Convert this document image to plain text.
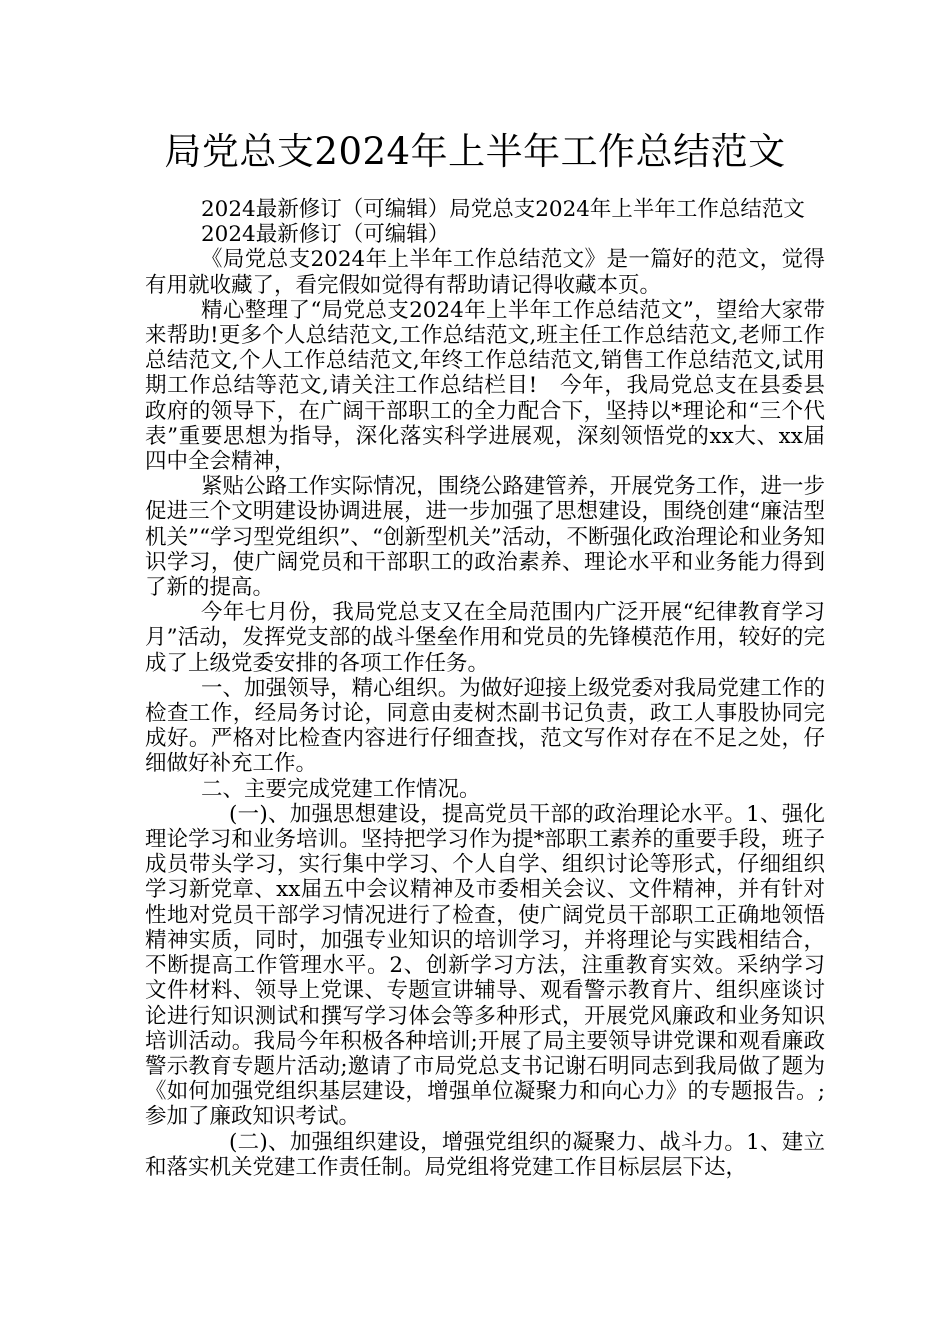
局党总支2024年上半年工作总结范文

2024最新修订（可编辑）局党总支2024年上半年工作总结范文

2024最新修订（可编辑）

《局党总支2024年上半年工作总结范文》是一篇好的范文，觉得有用就收藏了，看完假如觉得有帮助请记得收藏本页。

精心整理了“局党总支2024年上半年工作总结范文”，望给大家带来帮助!更多个人总结范文,工作总结范文,班主任工作总结范文,老师工作总结范文,个人工作总结范文,年终工作总结范文,销售工作总结范文,试用期工作总结等范文,请关注工作总结栏目!　今年，我局党总支在县委县政府的领导下，在广阔干部职工的全力配合下，坚持以*理论和“三个代表”重要思想为指导，深化落实科学进展观，深刻领悟党的xx大、xx届四中全会精神，

紧贴公路工作实际情况，围绕公路建管养，开展党务工作，进一步促进三个文明建设协调进展，进一步加强了思想建设，围绕创建“廉洁型机关”“学习型党组织”、“创新型机关”活动，不断强化政治理论和业务知识学习，使广阔党员和干部职工的政治素养、理论水平和业务能力得到了新的提高。

今年七月份，我局党总支又在全局范围内广泛开展“纪律教育学习月”活动，发挥党支部的战斗堡垒作用和党员的先锋模范作用，较好的完成了上级党委安排的各项工作任务。

一、加强领导，精心组织。为做好迎接上级党委对我局党建工作的检查工作，经局务讨论，同意由麦树杰副书记负责，政工人事股协同完成好。严格对比检查内容进行仔细查找，范文写作对存在不足之处，仔细做好补充工作。

二、主要完成党建工作情况。

(一)、加强思想建设，提高党员干部的政治理论水平。1、强化理论学习和业务培训。坚持把学习作为提*部职工素养的重要手段，班子成员带头学习，实行集中学习、个人自学、组织讨论等形式，仔细组织学习新党章、xx届五中会议精神及市委相关会议、文件精神，并有针对性地对党员干部学习情况进行了检查，使广阔党员干部职工正确地领悟精神实质，同时，加强专业知识的培训学习，并将理论与实践相结合，不断提高工作管理水平。2、创新学习方法，注重教育实效。采纳学习文件材料、领导上党课、专题宣讲辅导、观看警示教育片、组织座谈讨论进行知识测试和撰写学习体会等多种形式，开展党风廉政和业务知识培训活动。我局今年积极各种培训;开展了局主要领导讲党课和观看廉政警示教育专题片活动;邀请了市局党总支书记谢石明同志到我局做了题为《如何加强党组织基层建设，增强单位凝聚力和向心力》的专题报告。;参加了廉政知识考试。

(二)、加强组织建设，增强党组织的凝聚力、战斗力。1、建立和落实机关党建工作责任制。局党组将党建工作目标层层下达，
